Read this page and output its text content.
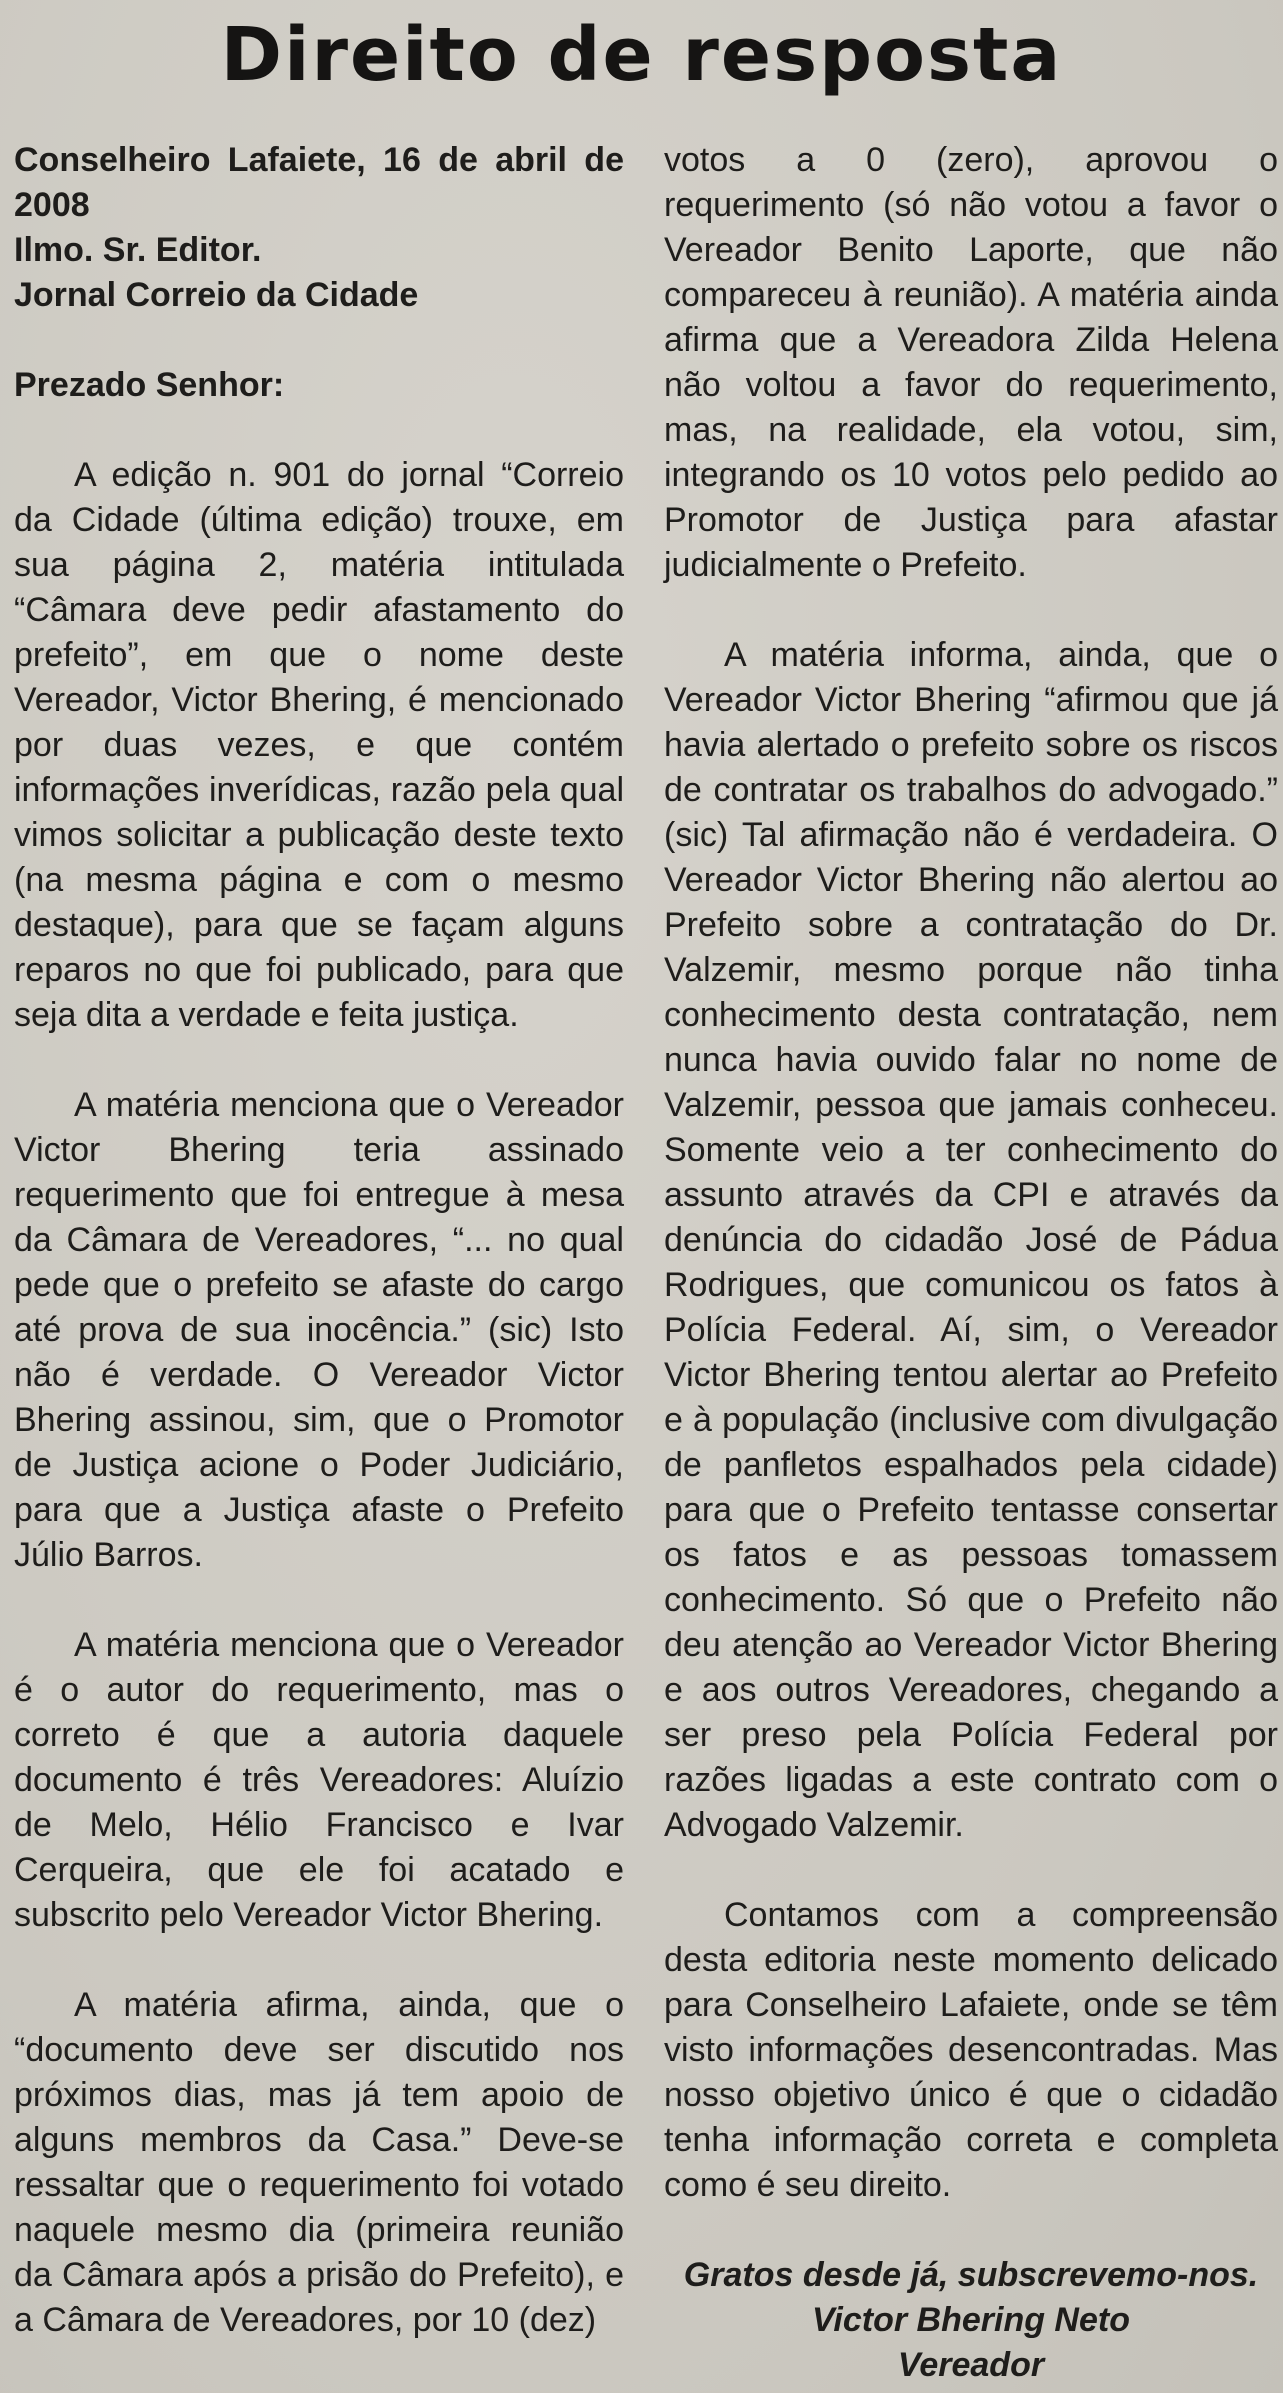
Direito de resposta

Conselheiro Lafaiete, 16 de abril de 2008

Ilmo. Sr. Editor.

Jornal Correio da Cidade

Prezado Senhor:

A edição n. 901 do jornal “Correio da Cidade (última edição) trouxe, em sua página 2, matéria intitulada “Câmara deve pedir afastamento do prefeito”, em que o nome deste Vereador, Victor Bhering, é mencionado por duas vezes, e que contém informações inverídicas, razão pela qual vimos solicitar a publicação deste texto (na mesma página e com o mesmo destaque), para que se façam alguns reparos no que foi publicado, para que seja dita a verdade e feita justiça.

A matéria menciona que o Vereador Victor Bhering teria assinado requerimento que foi entregue à mesa da Câmara de Vereadores, “... no qual pede que o prefeito se afaste do cargo até prova de sua inocência.” (sic) Isto não é verdade. O Vereador Victor Bhering assinou, sim, que o Promotor de Justiça acione o Poder Judiciário, para que a Justiça afaste o Prefeito Júlio Barros.

A matéria menciona que o Vereador é o autor do requerimento, mas o correto é que a autoria daquele documento é três Vereadores: Aluízio de Melo, Hélio Francisco e Ivar Cerqueira, que ele foi acatado e subscrito pelo Vereador Victor Bhering.

A matéria afirma, ainda, que o “documento deve ser discutido nos próximos dias, mas já tem apoio de alguns membros da Casa.” Deve-se ressaltar que o requerimento foi votado naquele mesmo dia (primeira reunião da Câmara após a prisão do Prefeito), e a Câmara de Vereadores, por 10 (dez)

votos a 0 (zero), aprovou o requerimento (só não votou a favor o Vereador Benito Laporte, que não compareceu à reunião). A matéria ainda afirma que a Vereadora Zilda Helena não voltou a favor do requerimento, mas, na realidade, ela votou, sim, integrando os 10 votos pelo pedido ao Promotor de Justiça para afastar judicialmente o Prefeito.

A matéria informa, ainda, que o Vereador Victor Bhering “afirmou que já havia alertado o prefeito sobre os riscos de contratar os trabalhos do advogado.” (sic) Tal afirmação não é verdadeira. O Vereador Victor Bhering não alertou ao Prefeito sobre a contratação do Dr. Valzemir, mesmo porque não tinha conhecimento desta contratação, nem nunca havia ouvido falar no nome de Valzemir, pessoa que jamais conheceu. Somente veio a ter conhecimento do assunto através da CPI e através da denúncia do cidadão José de Pádua Rodrigues, que comunicou os fatos à Polícia Federal. Aí, sim, o Vereador Victor Bhering tentou alertar ao Prefeito e à população (inclusive com divulgação de panfletos espalhados pela cidade) para que o Prefeito tentasse consertar os fatos e as pessoas tomassem conhecimento. Só que o Prefeito não deu atenção ao Vereador Victor Bhering e aos outros Vereadores, chegando a ser preso pela Polícia Federal por razões ligadas a este contrato com o Advogado Valzemir.

Contamos com a compreensão desta editoria neste momento delicado para Conselheiro Lafaiete, onde se têm visto informações desencontradas. Mas nosso objetivo único é que o cidadão tenha informação correta e completa como é seu direito.

Gratos desde já, subscrevemo-nos.

Victor Bhering Neto

Vereador
